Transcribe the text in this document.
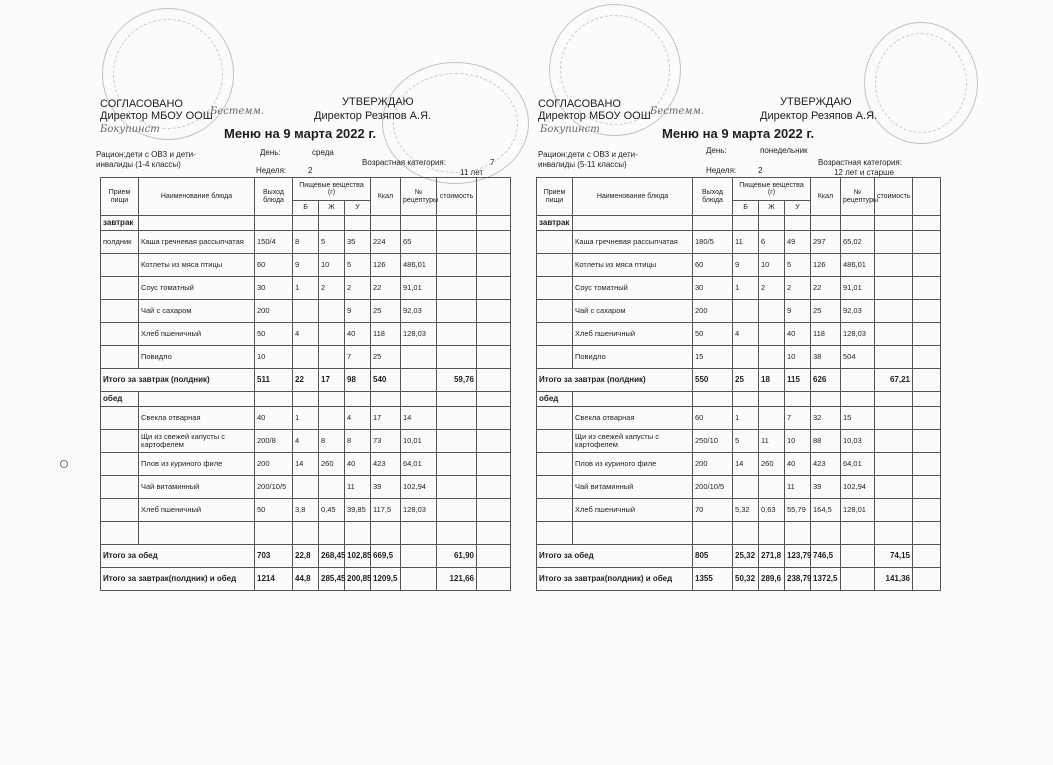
СОГЛАСОВАНО	УТВЕРЖДАЮ
Директор МБОУ ООШ
Бестемм.	Директор Резяпов А.Я.
Бокупинcт	Меню на 9 марта 2022 г.
Рацион:дети с ОВЗ и дети-
инвалиды (1-4 классы)
День:	среда
Неделя:	2
Возрастная категория:	7
11 лет
Прием пищи	Наименование блюда	Выход блюда	Пищевые вещества (г)			Ккал	№ рецептуры	стоимость	
			Б	Ж	У				
завтрак									
полдник	Каша гречневая рассыпчатая	150/4	8	5	35	224	65		
	Котлеты из мяса птицы	60	9	10	5	126	486,01		
	Соус томатный	30	1	2	2	22	91,01		
	Чай с сахаром	200			9	25	92,03		
	Хлеб пшеничный	50	4		40	118	128,03		
	Повидло	10			7	25			
Итого за завтрак (полдник)		511	22	17	98	540		59,76	
обед									
	Свекла отварная	40	1		4	17	14		
	Щи из свежей капусты с картофелем	200/8	4	8	8	73	10,01		
	Плов из куриного филе	200	14	260	40	423	64,01		
	Чай витаминный	200/10/5			11	39	102,94		
	Хлеб пшеничный	50	3,8	0,45	39,85	117,5	128,03		

Итого за обед		703	22,8	268,45	102,85	669,5		61,90	
Итого за завтрак(полдник) и обед		1214	44,8	285,45	200,85	1209,5		121,66	
СОГЛАСОВАНО	УТВЕРЖДАЮ
Директор МБОУ ООШ Бестемм.	Директор Резяпов А.Я.
Бокупинcт	Меню на 9 марта 2022 г.
Рацион:дети с ОВЗ и дети-
инвалиды (5-11 классы)
День:	понедельник
Неделя:	2
Возрастная категория:
12 лет и старше
Прием пищи	Наименование блюда	Выход блюда	Пищевые вещества (г)			Ккал	№ рецептуры	стоимость	
			Б	Ж	У				
завтрак									
	Каша гречневая рассыпчатая	180/5	11	6	49	297	65,02		
	Котлеты из мяса птицы	60	9	10	5	126	486,01		
	Соус томатный	30	1	2	2	22	91,01		
	Чай с сахаром	200			9	25	92,03		
	Хлеб пшеничный	50	4		40	118	128,03		
	Повидло	15			10	38	504		
Итого за завтрак (полдник)		550	25	18	115	626		67,21	
обед									
	Свекла отварная	60	1		7	32	15		
	Щи из свежей капусты с картофелем	250/10	5	11	10	88	10,03		
	Плов из куриного филе	200	14	260	40	423	64,01		
	Чай витаминный	200/10/5			11	39	102,94		
	Хлеб пшеничный	70	5,32	0,63	55,79	164,5	128,01		

Итого за обед		805	25,32	271,8	123,79	746,5		74,15	
Итого за завтрак(полдник) и обед		1355	50,32	289,6	238,79	1372,5		141,36	
